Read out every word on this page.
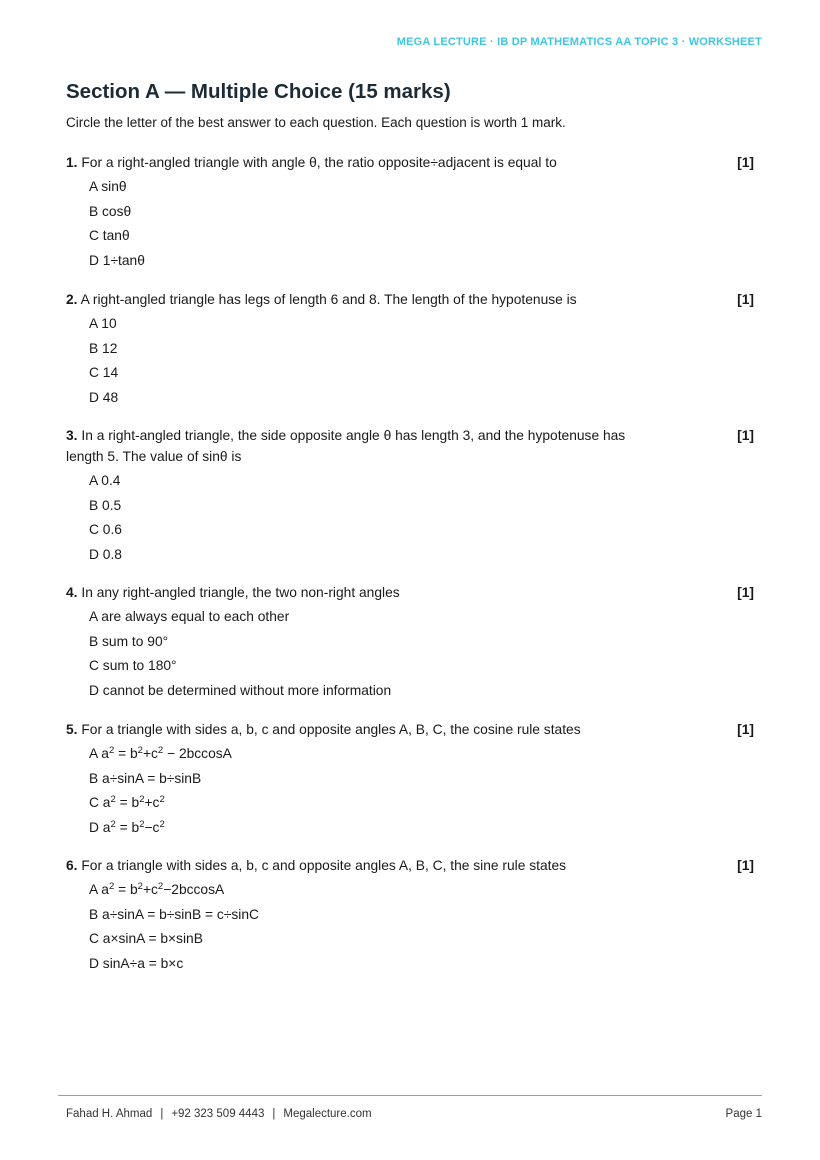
MEGA LECTURE · IB DP MATHEMATICS AA TOPIC 3 · WORKSHEET
Section A — Multiple Choice (15 marks)
Circle the letter of the best answer to each question. Each question is worth 1 mark.

1. For a right-angled triangle with angle θ, the ratio opposite÷adjacent is equal to	[1]
A sinθ
B cosθ
C tanθ
D 1÷tanθ

2. A right-angled triangle has legs of length 6 and 8. The length of the hypotenuse is	[1]
A 10
B 12
C 14
D 48

3. In a right-angled triangle, the side opposite angle θ has length 3, and the hypotenuse has length 5. The value of sinθ is

[1]
A 0.4
B 0.5
C 0.6
D 0.8

4. In any right-angled triangle, the two non-right angles	[1]
A are always equal to each other
B sum to 90°
C sum to 180°
D cannot be determined without more information

5. For a triangle with sides a, b, c and opposite angles A, B, C, the cosine rule states	[1]
A $a^2 = b^2+c^2 - 2bccosA$
B a÷sinA = b÷sinB
C $a^2 = b^2+c^2$
D $a^2 = b^2-c^2$

6. For a triangle with sides a, b, c and opposite angles A, B, C, the sine rule states	[1]
A $a^2 = b^2+c^2-2bccosA$
B a÷sinA = b÷sinB = c÷sinC
C a×sinA = b×sinB
D sinA÷a = b×c
Fahad H. Ahmad | +92 323 509 4443 | Megalecture.com	Page 1
